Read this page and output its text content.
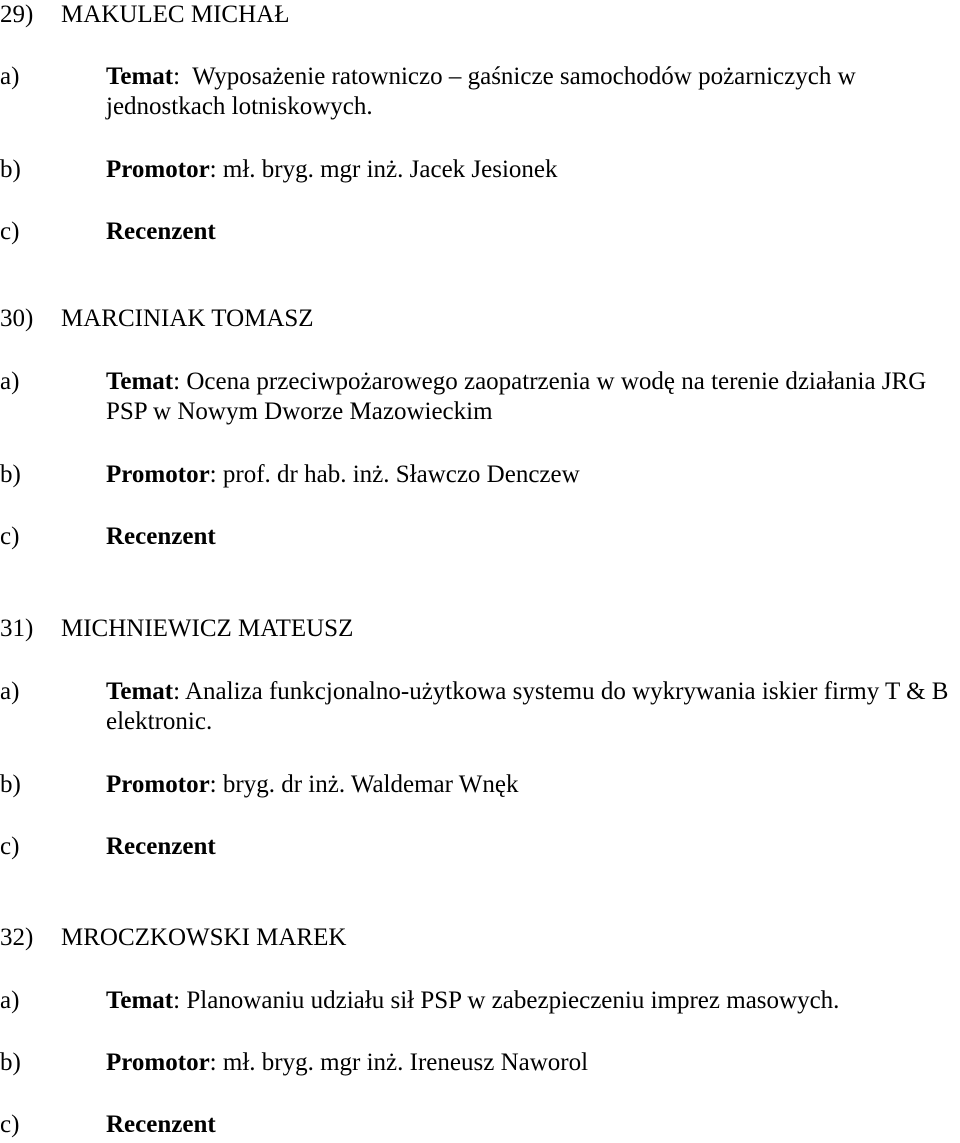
29)	MAKULEC MICHAŁ
a)	Temat:  Wyposażenie ratowniczo – gaśnicze samochodów pożarniczych w jednostkach lotniskowych.
b)	Promotor: mł. bryg. mgr inż. Jacek Jesionek
c)	Recenzent
30)	MARCINIAK TOMASZ
a)	Temat: Ocena przeciwpożarowego zaopatrzenia w wodę na terenie działania JRG PSP w Nowym Dworze Mazowieckim
b)	Promotor: prof. dr hab. inż. Sławczo Denczew
c)	Recenzent
31)	MICHNIEWICZ MATEUSZ
a)	Temat: Analiza funkcjonalno-użytkowa systemu do wykrywania iskier firmy T & B elektronic.
b)	Promotor: bryg. dr inż. Waldemar Wnęk
c)	Recenzent
32)	MROCZKOWSKI MAREK
a)	Temat: Planowaniu udziału sił PSP w zabezpieczeniu imprez masowych.
b)	Promotor: mł. bryg. mgr inż. Ireneusz Naworol
c)	Recenzent
